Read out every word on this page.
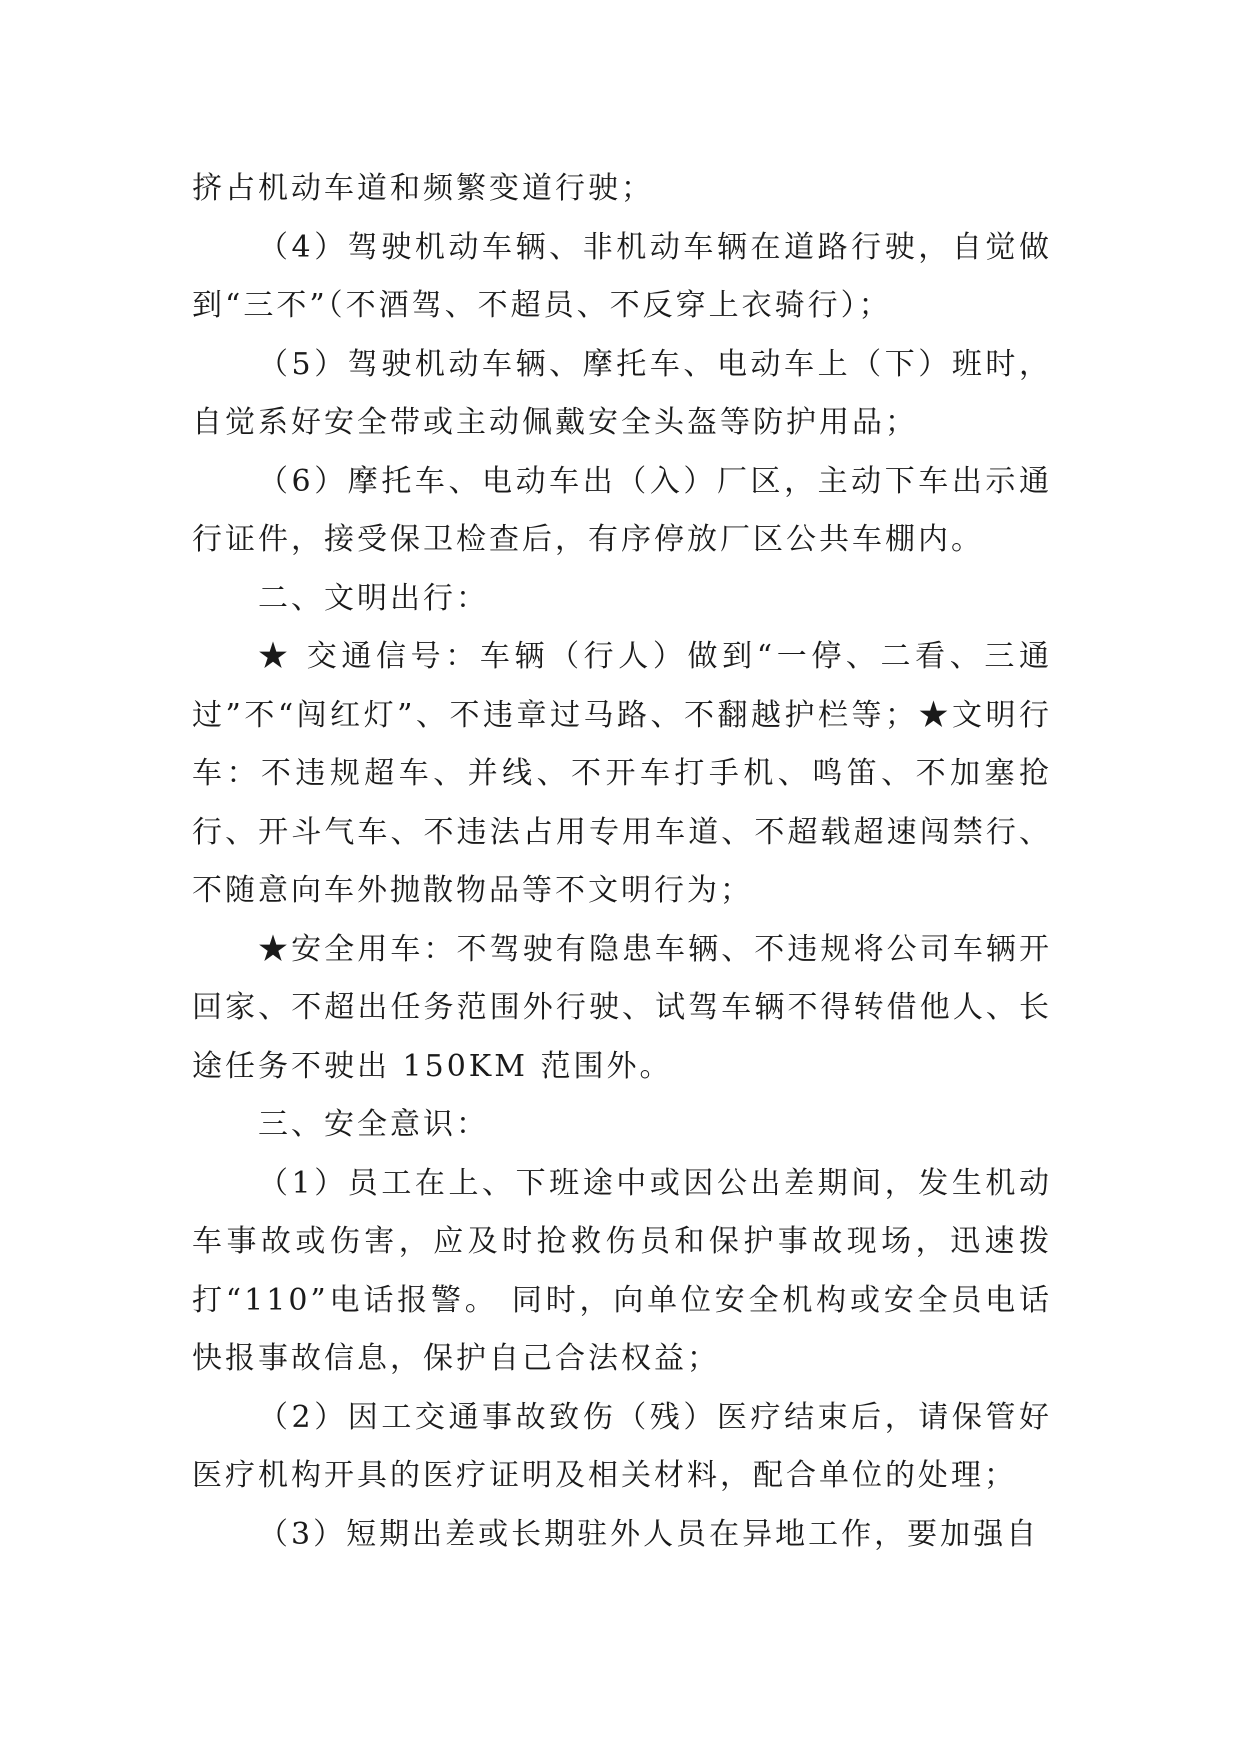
挤占机动车道和频繁变道行驶；

（4）驾驶机动车辆、非机动车辆在道路行驶，自觉做到“三不”（不酒驾、不超员、不反穿上衣骑行）；

（5）驾驶机动车辆、摩托车、电动车上（下）班时，自觉系好安全带或主动佩戴安全头盔等防护用品；

（6）摩托车、电动车出（入）厂区，主动下车出示通行证件，接受保卫检查后，有序停放厂区公共车棚内。

二、文明出行：

★ 交通信号：车辆（行人）做到“一停、二看、三通过”不“闯红灯”、不违章过马路、不翻越护栏等；★文明行车：不违规超车、并线、不开车打手机、鸣笛、不加塞抢行、开斗气车、不违法占用专用车道、不超载超速闯禁行、不随意向车外抛散物品等不文明行为；

★安全用车：不驾驶有隐患车辆、不违规将公司车辆开回家、不超出任务范围外行驶、试驾车辆不得转借他人、长途任务不驶出 150KM 范围外。

三、安全意识：

（1）员工在上、下班途中或因公出差期间，发生机动车事故或伤害，应及时抢救伤员和保护事故现场，迅速拨打“110”电话报警。 同时，向单位安全机构或安全员电话快报事故信息，保护自己合法权益；

（2）因工交通事故致伤（残）医疗结束后，请保管好医疗机构开具的医疗证明及相关材料，配合单位的处理；

（3）短期出差或长期驻外人员在异地工作，要加强自
